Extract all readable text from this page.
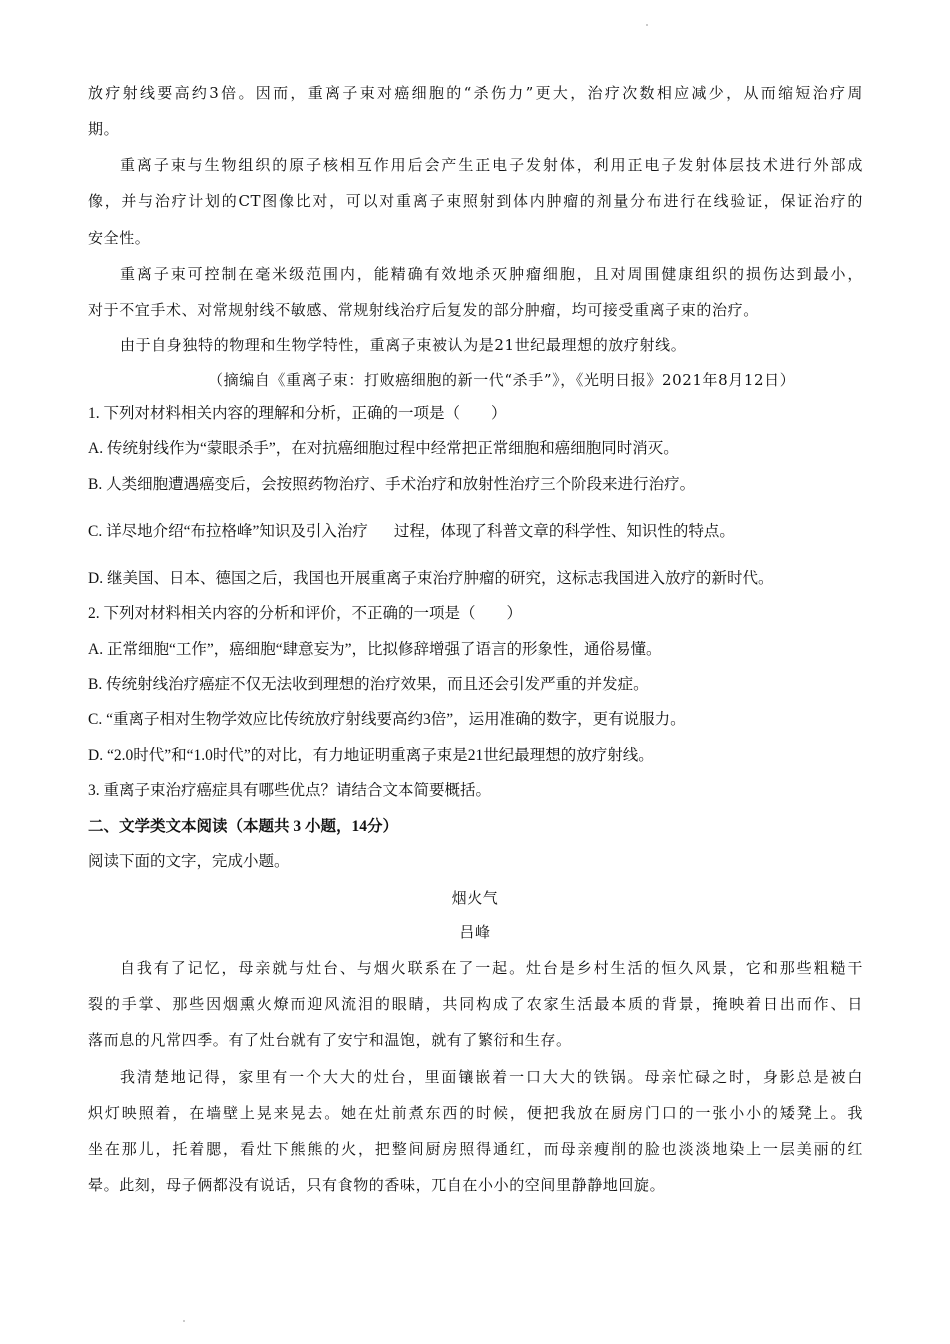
放疗射线要高约3倍。因而，重离子束对癌细胞的“杀伤力”更大，治疗次数相应减少，从而缩短治疗周
期。
重离子束与生物组织的原子核相互作用后会产生正电子发射体，利用正电子发射体层技术进行外部成
像，并与治疗计划的CT图像比对，可以对重离子束照射到体内肿瘤的剂量分布进行在线验证，保证治疗的
安全性。
重离子束可控制在毫米级范围内，能精确有效地杀灭肿瘤细胞，且对周围健康组织的损伤达到最小，
对于不宜手术、对常规射线不敏感、常规射线治疗后复发的部分肿瘤，均可接受重离子束的治疗。
由于自身独特的物理和生物学特性，重离子束被认为是21世纪最理想的放疗射线。
（摘编自《重离子束：打败癌细胞的新一代“杀手”》，《光明日报》2021年8月12日）
1. 下列对材料相关内容的理解和分析，正确的一项是（　　）
A. 传统射线作为“蒙眼杀手”，在对抗癌细胞过程中经常把正常细胞和癌细胞同时消灭。
B. 人类细胞遭遇癌变后，会按照药物治疗、手术治疗和放射性治疗三个阶段来进行治疗。
C. 详尽地介绍“布拉格峰”知识及引入治疗 过程，体现了科普文章的科学性、知识性的特点。
D. 继美国、日本、德国之后，我国也开展重离子束治疗肿瘤的研究，这标志我国进入放疗的新时代。
2. 下列对材料相关内容的分析和评价，不正确的一项是（　　）
A. 正常细胞“工作”，癌细胞“肆意妄为”，比拟修辞增强了语言的形象性，通俗易懂。
B. 传统射线治疗癌症不仅无法收到理想的治疗效果，而且还会引发严重的并发症。
C. “重离子相对生物学效应比传统放疗射线要高约3倍”，运用准确的数字，更有说服力。
D. “2.0时代”和“1.0时代”的对比，有力地证明重离子束是21世纪最理想的放疗射线。
3. 重离子束治疗癌症具有哪些优点？请结合文本简要概括。
二、文学类文本阅读（本题共 3 小题，14分）
阅读下面的文字，完成小题。
烟火气
吕峰
自我有了记忆，母亲就与灶台、与烟火联系在了一起。灶台是乡村生活的恒久风景，它和那些粗糙干
裂的手掌、那些因烟熏火燎而迎风流泪的眼睛，共同构成了农家生活最本质的背景，掩映着日出而作、日
落而息的凡常四季。有了灶台就有了安宁和温饱，就有了繁衍和生存。
我清楚地记得，家里有一个大大的灶台，里面镶嵌着一口大大的铁锅。母亲忙碌之时，身影总是被白
炽灯映照着，在墙壁上晃来晃去。她在灶前煮东西的时候，便把我放在厨房门口的一张小小的矮凳上。我
坐在那儿，托着腮，看灶下熊熊的火，把整间厨房照得通红，而母亲瘦削的脸也淡淡地染上一层美丽的红
晕。此刻，母子俩都没有说话，只有食物的香味，兀自在小小的空间里静静地回旋。
